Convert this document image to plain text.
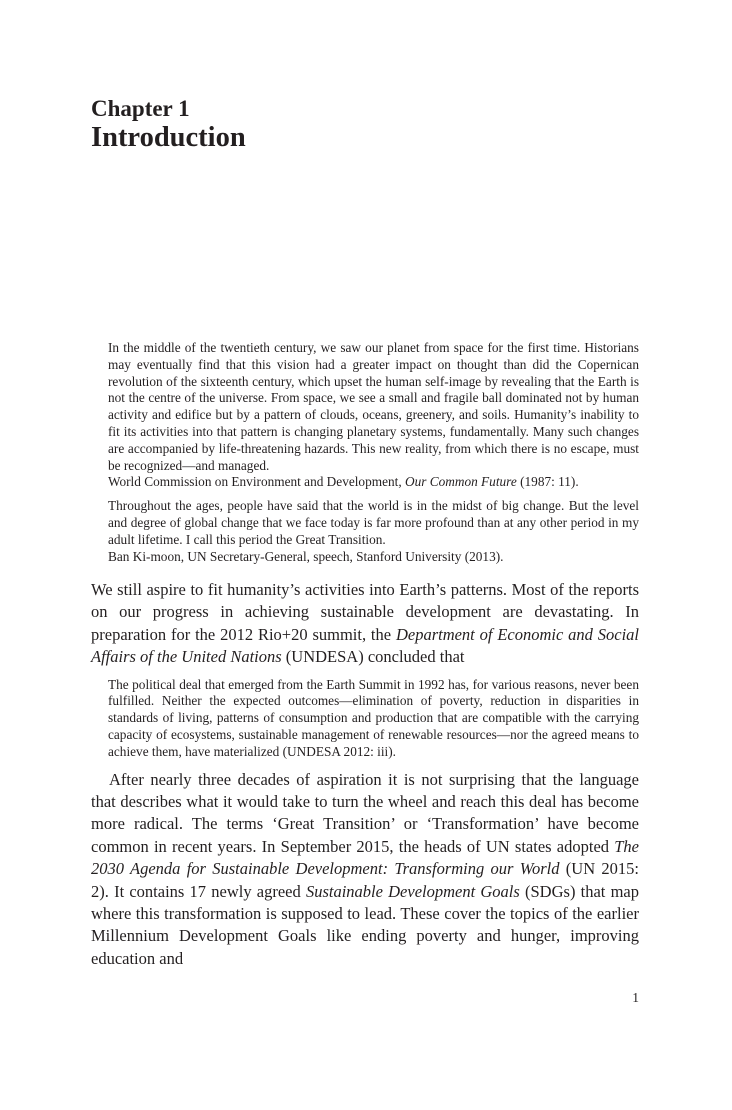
Chapter 1
Introduction

In the middle of the twentieth century, we saw our planet from space for the first time. Historians may eventually find that this vision had a greater impact on thought than did the Copernican revolution of the sixteenth century, which upset the human self-image by revealing that the Earth is not the centre of the universe. From space, we see a small and fragile ball dominated not by human activity and edifice but by a pattern of clouds, oceans, greenery, and soils. Humanity’s inability to fit its activities into that pattern is changing planetary systems, fundamentally. Many such changes are accompanied by life-threatening hazards. This new reality, from which there is no escape, must be recognized—and managed.

World Commission on Environment and Development, Our Common Future (1987: 11).

Throughout the ages, people have said that the world is in the midst of big change. But the level and degree of global change that we face today is far more profound than at any other period in my adult lifetime. I call this period the Great Transition.

Ban Ki-moon, UN Secretary-General, speech, Stanford University (2013).

We still aspire to fit humanity’s activities into Earth’s patterns. Most of the reports on our progress in achieving sustainable development are devastating. In preparation for the 2012 Rio+20 summit, the Department of Economic and Social Affairs of the United Nations (UNDESA) concluded that

The political deal that emerged from the Earth Summit in 1992 has, for various reasons, never been fulfilled. Neither the expected outcomes—elimination of poverty, reduction in disparities in standards of living, patterns of consumption and production that are compatible with the carrying capacity of ecosystems, sustainable management of renewable resources—nor the agreed means to achieve them, have materialized (UNDESA 2012: iii).

After nearly three decades of aspiration it is not surprising that the language that describes what it would take to turn the wheel and reach this deal has become more radical. The terms ‘Great Transition’ or ‘Transformation’ have become common in recent years. In September 2015, the heads of UN states adopted The 2030 Agenda for Sustainable Development: Transforming our World (UN 2015: 2). It contains 17 newly agreed Sustainable Development Goals (SDGs) that map where this transformation is supposed to lead. These cover the topics of the earlier Millennium Development Goals like ending poverty and hunger, improving education and

1
